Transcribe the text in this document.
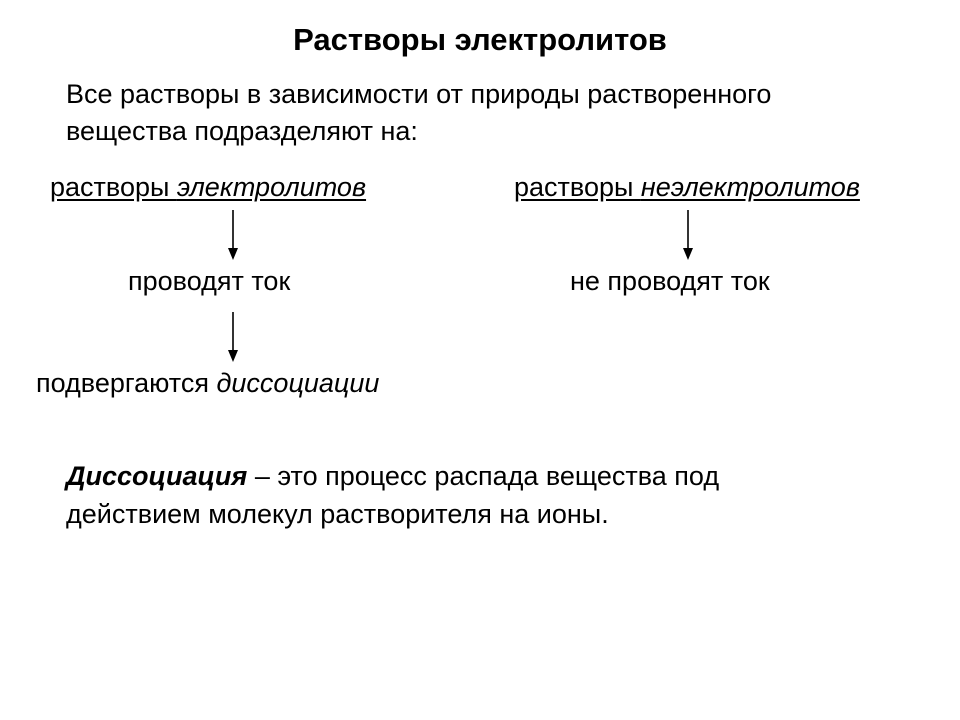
Растворы электролитов
Все растворы в зависимости от природы растворенного
вещества подразделяют на:
растворы электролитов	растворы неэлектролитов
проводят ток	не проводят ток
подвергаются диссоциации
Диссоциация – это процесс распада вещества под
действием молекул растворителя на ионы.
